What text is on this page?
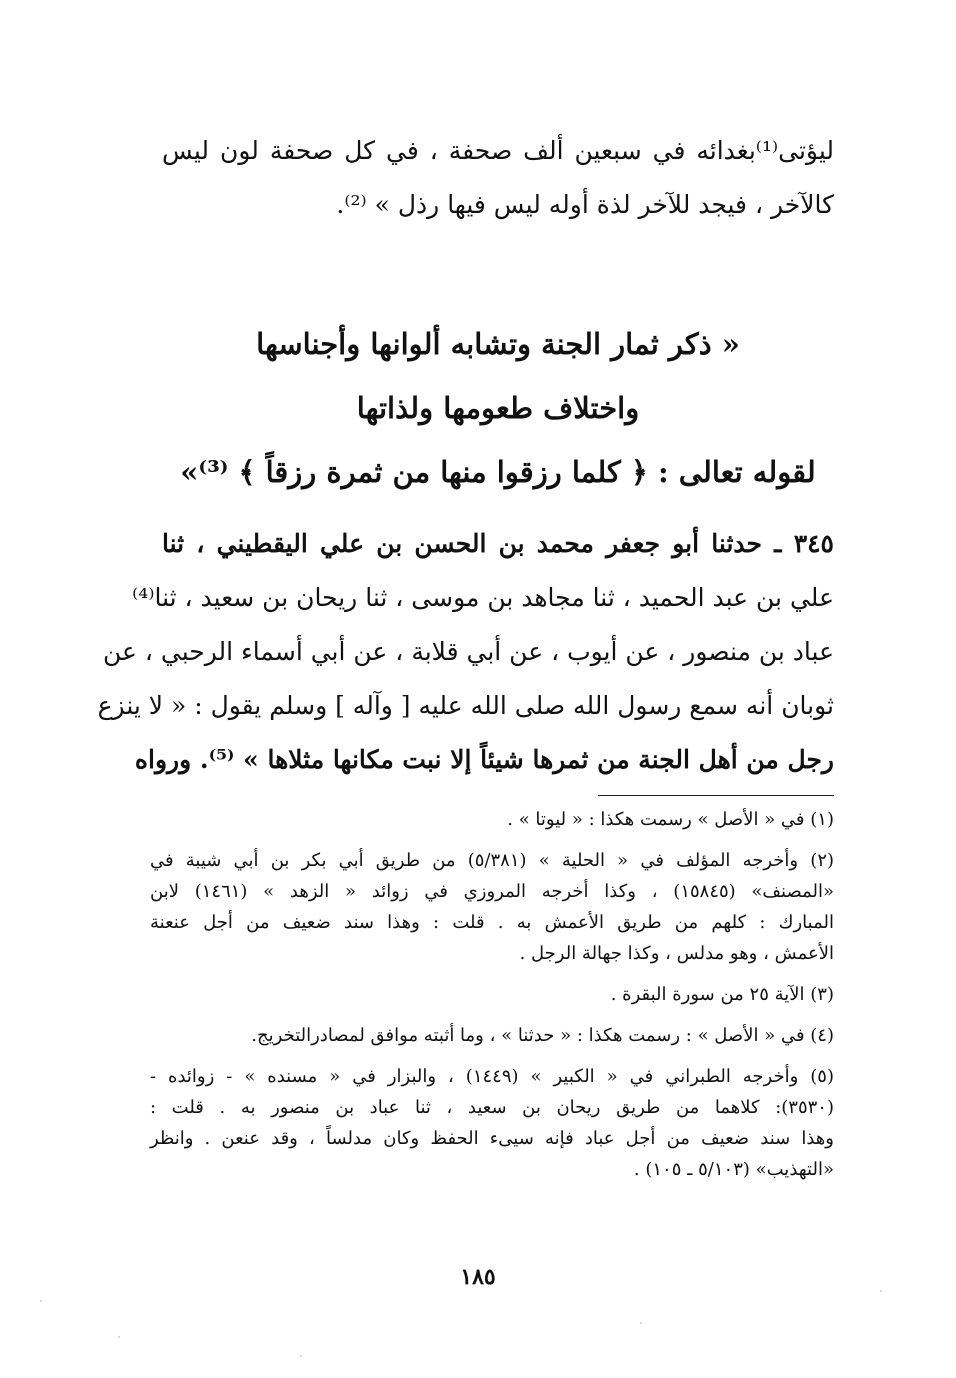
ليؤتى⁽¹⁾بغدائه في سبعين ألف صحفة ، في كل صحفة لون ليس
كالآخر ، فيجد للآخر لذة أوله ليس فيها رذل » ⁽²⁾.
« ذكر ثمار الجنة وتشابه ألوانها وأجناسها
واختلاف طعومها ولذاتها
لقوله تعالى : ﴿ كلما رزقوا منها من ثمرة رزقاً ﴾ ⁽³⁾»
٣٤٥ ـ حدثنا أبو جعفر محمد بن الحسن بن علي اليقطيني ، ثنا
علي بن عبد الحميد ، ثنا مجاهد بن موسى ، ثنا ريحان بن سعيد ، ثنا⁽⁴⁾
عباد بن منصور ، عن أيوب ، عن أبي قلابة ، عن أبي أسماء الرحبي ، عن
ثوبان أنه سمع رسول الله صلى الله عليه [ وآله ] وسلم يقول : « لا ينزع
رجل من أهل الجنة من ثمرها شيئاً إلا نبت مكانها مثلاها » ⁽⁵⁾. ورواه
(١) في « الأصل » رسمت هكذا : « ليوتا » .
(٢) وأخرجه المؤلف في « الحلية » (٥/٣٨١) من طريق أبي بكر بن أبي شيبة في
«المصنف» (١٥٨٤٥) ، وكذا أخرجه المروزي في زوائد « الزهد » (١٤٦١) لابن
المبارك : كلهم من طريق الأعمش به . قلت : وهذا سند ضعيف من أجل عنعنة
الأعمش ، وهو مدلس ، وكذا جهالة الرجل .
(٣) الآية ٢٥ من سورة البقرة .
(٤) في « الأصل » : رسمت هكذا : « حدثنا » ، وما أثبته موافق لمصادرالتخريج.
(٥) وأخرجه الطبراني في « الكبير » (١٤٤٩) ، والبزار في « مسنده » - زوائده -
(٣٥٣٠): كلاهما من طريق ريحان بن سعيد ، ثنا عباد بن منصور به . قلت :
وهذا سند ضعيف من أجل عباد فإنه سيىء الحفظ وكان مدلساً ، وقد عنعن . وانظر
«التهذيب» (٥/١٠٣ ـ ١٠٥) .
١٨٥
